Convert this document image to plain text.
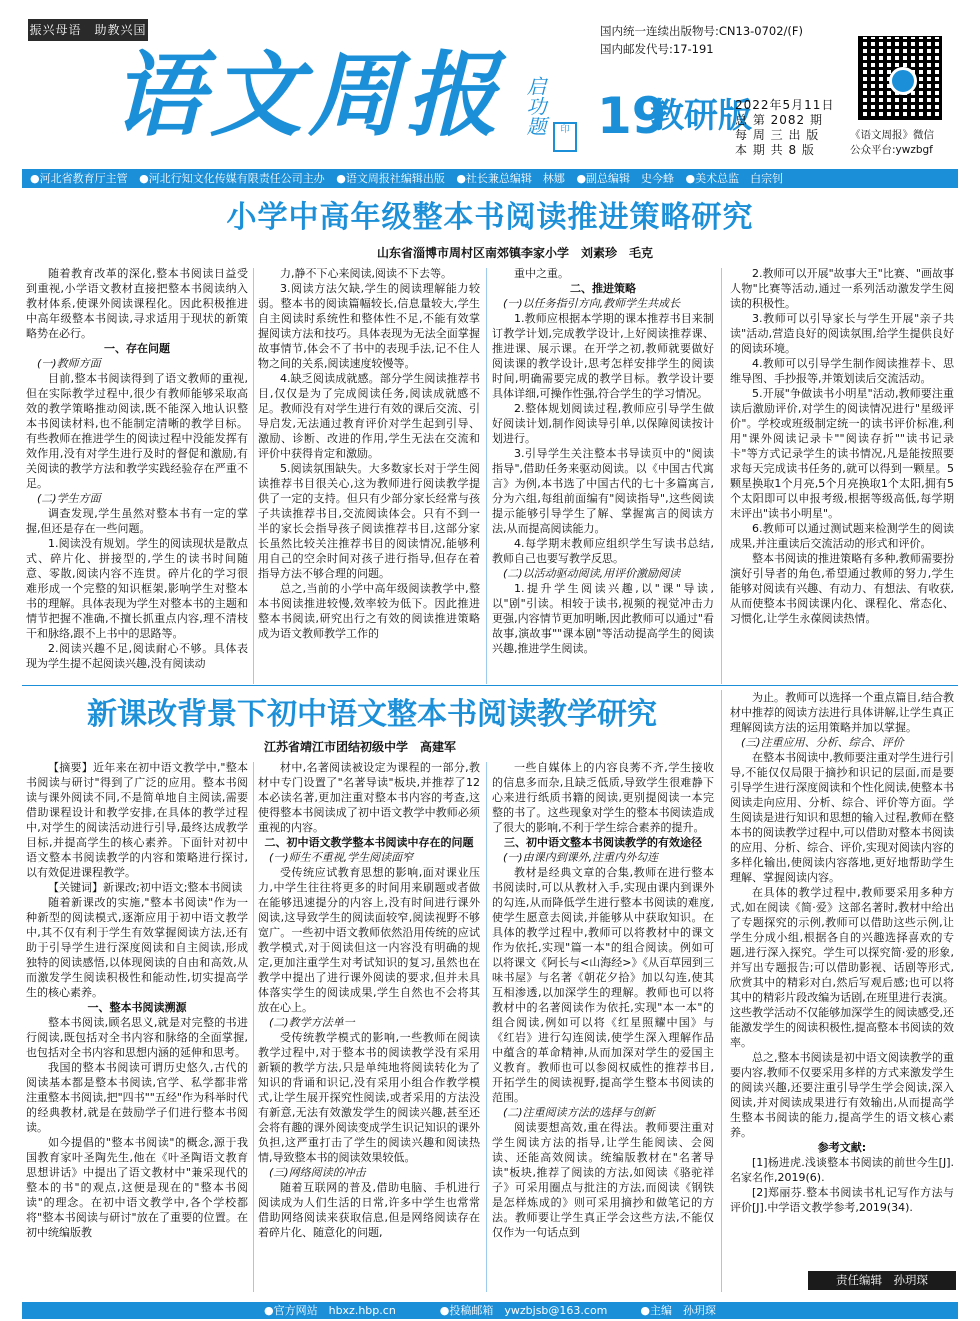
振兴母语　助教兴国
语文周报 启功题	印
国内统一连续出版物号:CN13-0702/(F)
国内邮发代号:17-191
19
教研版
2022年5月11日
总 第 2082 期
每 周 三 出 版
本 期 共 8 版
《语文周报》微信
公众平台:ywzbgf
●河北省教育厅主管 ●河北行知文化传媒有限责任公司主办 ●语文周报社编辑出版 ●社长兼总编辑　林娜 ●副总编辑　史今蜂 ●美术总监　白宗钊
小学中高年级整本书阅读推进策略研究
山东省淄博市周村区南郊镇李家小学　刘素珍　毛克

随着教育改革的深化,整本书阅读日益受到重视,小学语文教材直接把整本书阅读纳入教材体系,使课外阅读课程化。因此积极推进中高年级整本书阅读,寻求适用于现状的新策略势在必行。

一、存在问题

(一)教师方面

目前,整本书阅读得到了语文教师的重视,但在实际教学过程中,很少有教师能够采取高效的教学策略推动阅读,既不能深入地认识整本书阅读材料,也不能制定清晰的教学目标。有些教师在推进学生的阅读过程中没能发挥有效作用,没有对学生进行及时的督促和激励,有关阅读的教学方法和教学实践经验存在严重不足。

(二)学生方面

调查发现,学生虽然对整本书有一定的掌握,但还是存在一些问题。

1.阅读没有规划。学生的阅读现状是散点式、碎片化、拼接型的,学生的读书时间随意、零散,阅读内容不连贯。碎片化的学习很难形成一个完整的知识框架,影响学生对整本书的理解。具体表现为学生对整本书的主题和情节把握不准确,不擅长抓重点内容,理不清枝干和脉络,跟不上书中的思路等。

2.阅读兴趣不足,阅读耐心不够。具体表现为学生提不起阅读兴趣,没有阅读动

力,静不下心来阅读,阅读不下去等。

3.阅读方法欠缺,学生的阅读理解能力较弱。整本书的阅读篇幅较长,信息量较大,学生自主阅读时系统性和整体性不足,不能有效掌握阅读方法和技巧。具体表现为无法全面掌握故事情节,体会不了书中的表现手法,记不住人物之间的关系,阅读速度较慢等。

4.缺乏阅读成就感。部分学生阅读推荐书目,仅仅是为了完成阅读任务,阅读成就感不足。教师没有对学生进行有效的课后交流、引导启发,无法通过教育评价对学生起到引导、激励、诊断、改进的作用,学生无法在交流和评价中获得肯定和激励。

5.阅读氛围缺失。大多数家长对于学生阅读推荐书目很关心,这为教师进行阅读教学提供了一定的支持。但只有少部分家长经常与孩子共读推荐书目,交流阅读体会。只有不到一半的家长会指导孩子阅读推荐书目,这部分家长虽然比较关注推荐书目的阅读情况,能够利用自己的空余时间对孩子进行指导,但存在着指导方法不够合理的问题。

总之,当前的小学中高年级阅读教学中,整本书阅读推进较慢,效率较为低下。因此推进整本书阅读,研究出行之有效的阅读推进策略成为语文教师教学工作的

重中之重。

二、推进策略

(一)以任务指引方向,教师学生共成长

1.教师应根据本学期的课本推荐书目来制订教学计划,完成教学设计,上好阅读推荐课、推进课、展示课。在开学之初,教师就要做好阅读课的教学设计,思考怎样安排学生的阅读时间,明确需要完成的教学目标。教学设计要具体详细,可操作性强,符合学生的学习情况。

2.整体规划阅读过程,教师应引导学生做好阅读计划,制作阅读导引单,以保障阅读按计划进行。

3.引导学生关注整本书导读页中的"阅读指导",借助任务来驱动阅读。以《中国古代寓言》为例,本书选了中国古代的七十多篇寓言,分为六组,每组前面编有"阅读指导",这些阅读提示能够引导学生了解、掌握寓言的阅读方法,从而提高阅读能力。

4.每学期末教师应组织学生写读书总结,教师自己也要写教学反思。

(二)以活动驱动阅读,用评价激励阅读

1.提升学生阅读兴趣,以"课"导读,以"剧"引读。相较于读书,视频的视觉冲击力更强,内容情节更加明晰,因此教师可以通过"看故事,演故事""课本剧"等活动提高学生的阅读兴趣,推进学生阅读。

2.教师可以开展"故事大王"比赛、"画故事人物"比赛等活动,通过一系列活动激发学生阅读的积极性。

3.教师可以引导家长与学生开展"亲子共读"活动,营造良好的阅读氛围,给学生提供良好的阅读环境。

4.教师可以引导学生制作阅读推荐卡、思维导图、手抄报等,并策划读后交流活动。

5.开展"争做读书小明星"活动,教师要注重读后激励评价,对学生的阅读情况进行"星级评价"。学校或班级制定统一的读书评价标准,利用"课外阅读记录卡""阅读存折""读书记录卡"等方式记录学生的读书情况,凡是能按照要求每天完成读书任务的,就可以得到一颗星。5颗星换取1个月亮,5个月亮换取1个太阳,拥有5个太阳即可以申报考级,根据等级高低,每学期末评出"读书小明星"。

6.教师可以通过测试题来检测学生的阅读成果,并注重读后交流活动的形式和评价。

整本书阅读的推进策略有多种,教师需要扮演好引导者的角色,希望通过教师的努力,学生能够对阅读有兴趣、有动力、有想法、有收获,从而使整本书阅读课内化、课程化、常态化、习惯化,让学生永葆阅读热情。

新课改背景下初中语文整本书阅读教学研究
江苏省靖江市团结初级中学　高建军

【摘要】近年来在初中语文教学中,"整本书阅读与研讨"得到了广泛的应用。整本书阅读与课外阅读不同,不是简单地自主阅读,需要借助课程设计和教学安排,在具体的教学过程中,对学生的阅读活动进行引导,最终达成教学目标,并提高学生的核心素养。下面针对初中语文整本书阅读教学的内容和策略进行探讨,以有效促进课程教学。

【关键词】新课改;初中语文;整本书阅读

随着新课改的实施,"整本书阅读"作为一种新型的阅读模式,逐渐应用于初中语文教学中,其不仅有利于学生有效掌握阅读方法,还有助于引导学生进行深度阅读和自主阅读,形成独特的阅读感悟,以体现阅读的自由和高效,从而激发学生阅读积极性和能动性,切实提高学生的核心素养。

一、整本书阅读溯源

整本书阅读,顾名思义,就是对完整的书进行阅读,既包括对全书内容和脉络的全面掌握,也包括对全书内容和思想内涵的延伸和思考。

我国的整本书阅读可谓历史悠久,古代的阅读基本都是整本书阅读,官学、私学都非常注重整本书阅读,把"四书""五经"作为科举时代的经典教材,就是在鼓励学子们进行整本书阅读。

如今提倡的"整本书阅读"的概念,源于我国教育家叶圣陶先生,他在《叶圣陶语文教育思想讲话》中提出了语文教材中"兼采现代的整本的书"的观点,这便是现在的"整本书阅读"的理念。在初中语文教学中,各个学校都将"整本书阅读与研讨"放在了重要的位置。在初中统编版教

材中,名著阅读被设定为课程的一部分,教材中专门设置了"名著导读"板块,并推荐了12本必读名著,更加注重对整本书内容的考查,这使得整本书阅读成了初中语文教学中教师必须重视的内容。

二、初中语文教学整本书阅读中存在的问题

(一)师生不重视,学生阅读面窄

受传统应试教育思想的影响,面对课业压力,中学生往往将更多的时间用来刷题或者做在能够迅速提分的内容上,没有时间进行课外阅读,这导致学生的阅读面较窄,阅读视野不够宽广。一些初中语文教师依然沿用传统的应试教学模式,对于阅读但这一内容没有明确的规定,更加注重学生对考试知识的复习,虽然也在教学中提出了进行课外阅读的要求,但并未具体落实学生的阅读成果,学生自然也不会将其放在心上。

(二)教学方法单一

受传统教学模式的影响,一些教师在阅读教学过程中,对于整本书的阅读教学没有采用新颖的教学方法,只是单纯地将阅读转化为了知识的背诵和识记,没有采用小组合作教学模式,让学生展开探究性阅读,或者采用的方法没有新意,无法有效激发学生的阅读兴趣,甚至还会将有趣的课外阅读变成学生识记知识的课外负担,这严重打击了学生的阅读兴趣和阅读热情,导致整本书的阅读效果较低。

(三)网络阅读的冲击

随着互联网的普及,借助电脑、手机进行阅读成为人们生活的日常,许多中学生也常常借助网络阅读来获取信息,但是网络阅读存在着碎片化、随意化的问题,

一些自媒体上的内容良莠不齐,学生接收的信息多而杂,且缺乏低质,导致学生很难静下心来进行纸质书籍的阅读,更别提阅读一本完整的书了。这些现象对学生的整本书阅读造成了很大的影响,不利于学生综合素养的提升。

三、初中语文整本书阅读教学的有效途径

(一)由课内到课外,注重内外勾连

教材是经典文章的合集,教师在进行整本书阅读时,可以从教材入手,实现由课内到课外的勾连,从而降低学生进行整本书阅读的难度,使学生愿意去阅读,并能够从中获取知识。在具体的教学过程中,教师可以将教材中的课文作为依托,实现"篇一本"的组合阅读。例如可以将课文《阿长与<山海经>》《从百草园到三味书屋》与名著《朝花夕拾》加以勾连,使其互相渗透,以加深学生的理解。教师也可以将教材中的名著阅读作为依托,实现"本一本"的组合阅读,例如可以将《红星照耀中国》与《红岩》进行勾连阅读,使学生深入理解作品中蕴含的革命精神,从而加深对学生的爱国主义教育。教师也可以参阅权威性的推荐书目,开拓学生的阅读视野,提高学生整本书阅读的范围。

(二)注重阅读方法的选择与创新

阅读要想高效,重在得法。教师要注重对学生阅读方法的指导,让学生能阅读、会阅读、还能高效阅读。统编版教材在"名著导读"板块,推荐了阅读的方法,如阅读《骆驼祥子》可采用圈点与批注的方法,而阅读《钢铁是怎样炼成的》则可采用摘抄和做笔记的方法。教师要让学生真正学会这些方法,不能仅仅作为一句话点到

为止。教师可以选择一个重点篇目,结合教材中推荐的阅读方法进行具体讲解,让学生真正理解阅读方法的运用策略并加以掌握。

(三)注重应用、分析、综合、评价

在整本书阅读中,教师要注重对学生进行引导,不能仅仅局限于摘抄和识记的层面,而是要引导学生进行深度阅读和个性化阅读,使整本书阅读走向应用、分析、综合、评价等方面。学生阅读是进行知识和思想的输入过程,教师在整本书的阅读教学过程中,可以借助对整本书阅读的应用、分析、综合、评价,实现对阅读内容的多样化输出,使阅读内容落地,更好地帮助学生理解、掌握阅读内容。

在具体的教学过程中,教师要采用多种方式,如在阅读《简·爱》这部名著时,教材中给出了专题探究的示例,教师可以借助这些示例,让学生分成小组,根据各自的兴趣选择喜欢的专题,进行深入探究。学生可以探究简·爱的形象,并写出专题报告;可以借助影视、话剧等形式,欣赏其中的精彩对白,然后写观后感;也可以将其中的精彩片段改编为话剧,在班里进行表演。这些教学活动不仅能够加深学生的阅读感受,还能激发学生的阅读积极性,提高整本书阅读的效率。

总之,整本书阅读是初中语文阅读教学的重要内容,教师不仅要采用多样的方式来激发学生的阅读兴趣,还要注重引导学生学会阅读,深入阅读,并对阅读成果进行有效输出,从而提高学生整本书阅读的能力,提高学生的语文核心素养。

参考文献:

[1]杨进虎.浅谈整本书阅读的前世今生[J].名家名作,2019(6).

[2]郑丽芬.整本书阅读书札记写作方法与评价[J].中学语文教学参考,2019(34).

责任编辑　孙玥琛
●官方网站　hbxz.hbp.cn　　　　●投稿邮箱　ywzbjsb@163.com　　　●主编　孙玥琛
